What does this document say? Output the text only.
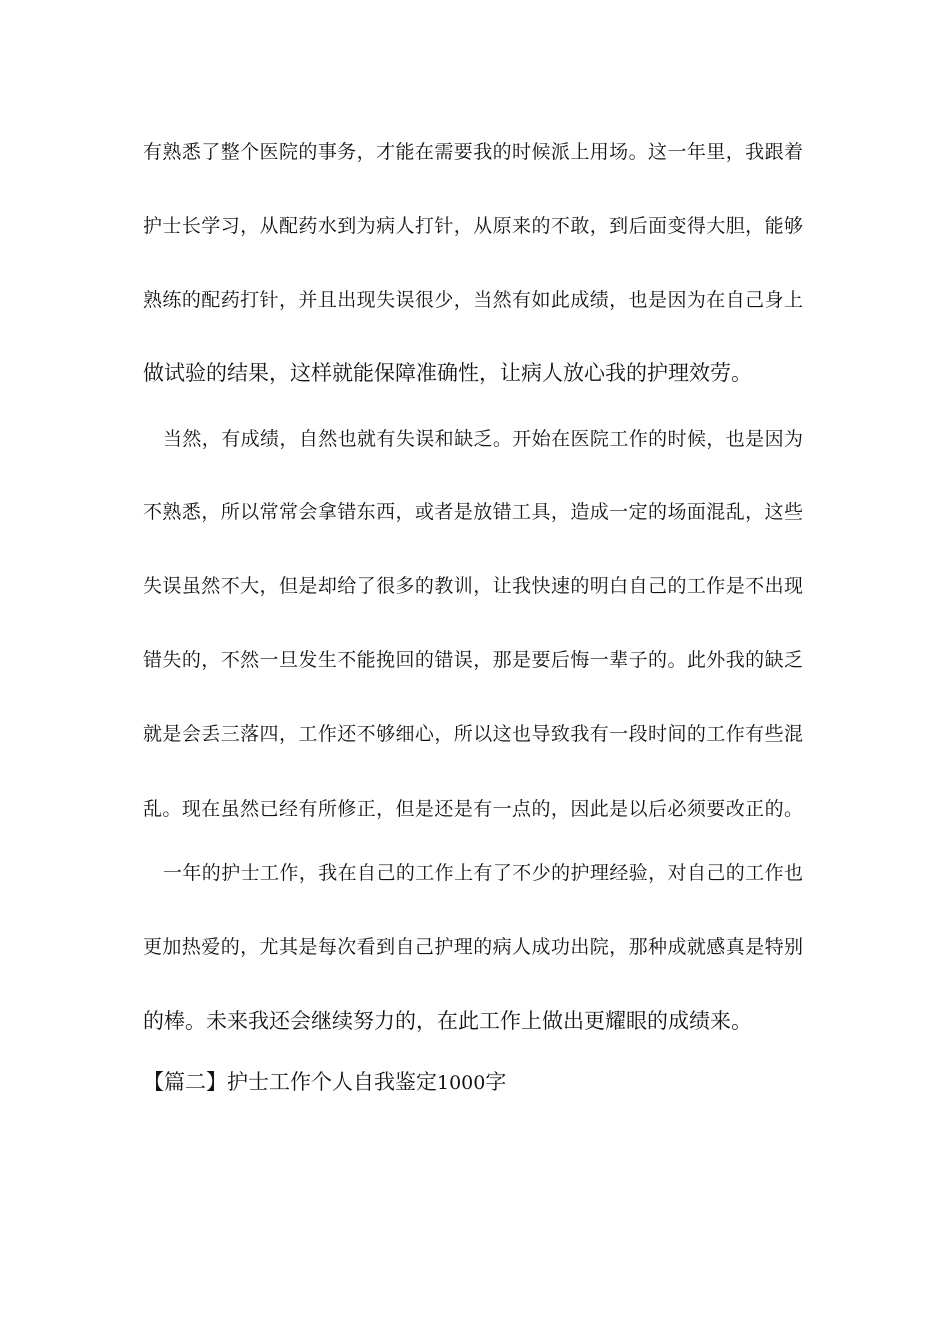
有熟悉了整个医院的事务，才能在需要我的时候派上用场。这一年里，我跟着
护士长学习，从配药水到为病人打针，从原来的不敢，到后面变得大胆，能够
熟练的配药打针，并且出现失误很少，当然有如此成绩，也是因为在自己身上
做试验的结果，这样就能保障准确性，让病人放心我的护理效劳。
当然，有成绩，自然也就有失误和缺乏。开始在医院工作的时候，也是因为
不熟悉，所以常常会拿错东西，或者是放错工具，造成一定的场面混乱，这些
失误虽然不大，但是却给了很多的教训，让我快速的明白自己的工作是不出现
错失的，不然一旦发生不能挽回的错误，那是要后悔一辈子的。此外我的缺乏
就是会丢三落四，工作还不够细心，所以这也导致我有一段时间的工作有些混
乱。现在虽然已经有所修正，但是还是有一点的，因此是以后必须要改正的。
一年的护士工作，我在自己的工作上有了不少的护理经验，对自己的工作也
更加热爱的，尤其是每次看到自己护理的病人成功出院，那种成就感真是特别
的棒。未来我还会继续努力的，在此工作上做出更耀眼的成绩来。
【篇二】护士工作个人自我鉴定1000字
